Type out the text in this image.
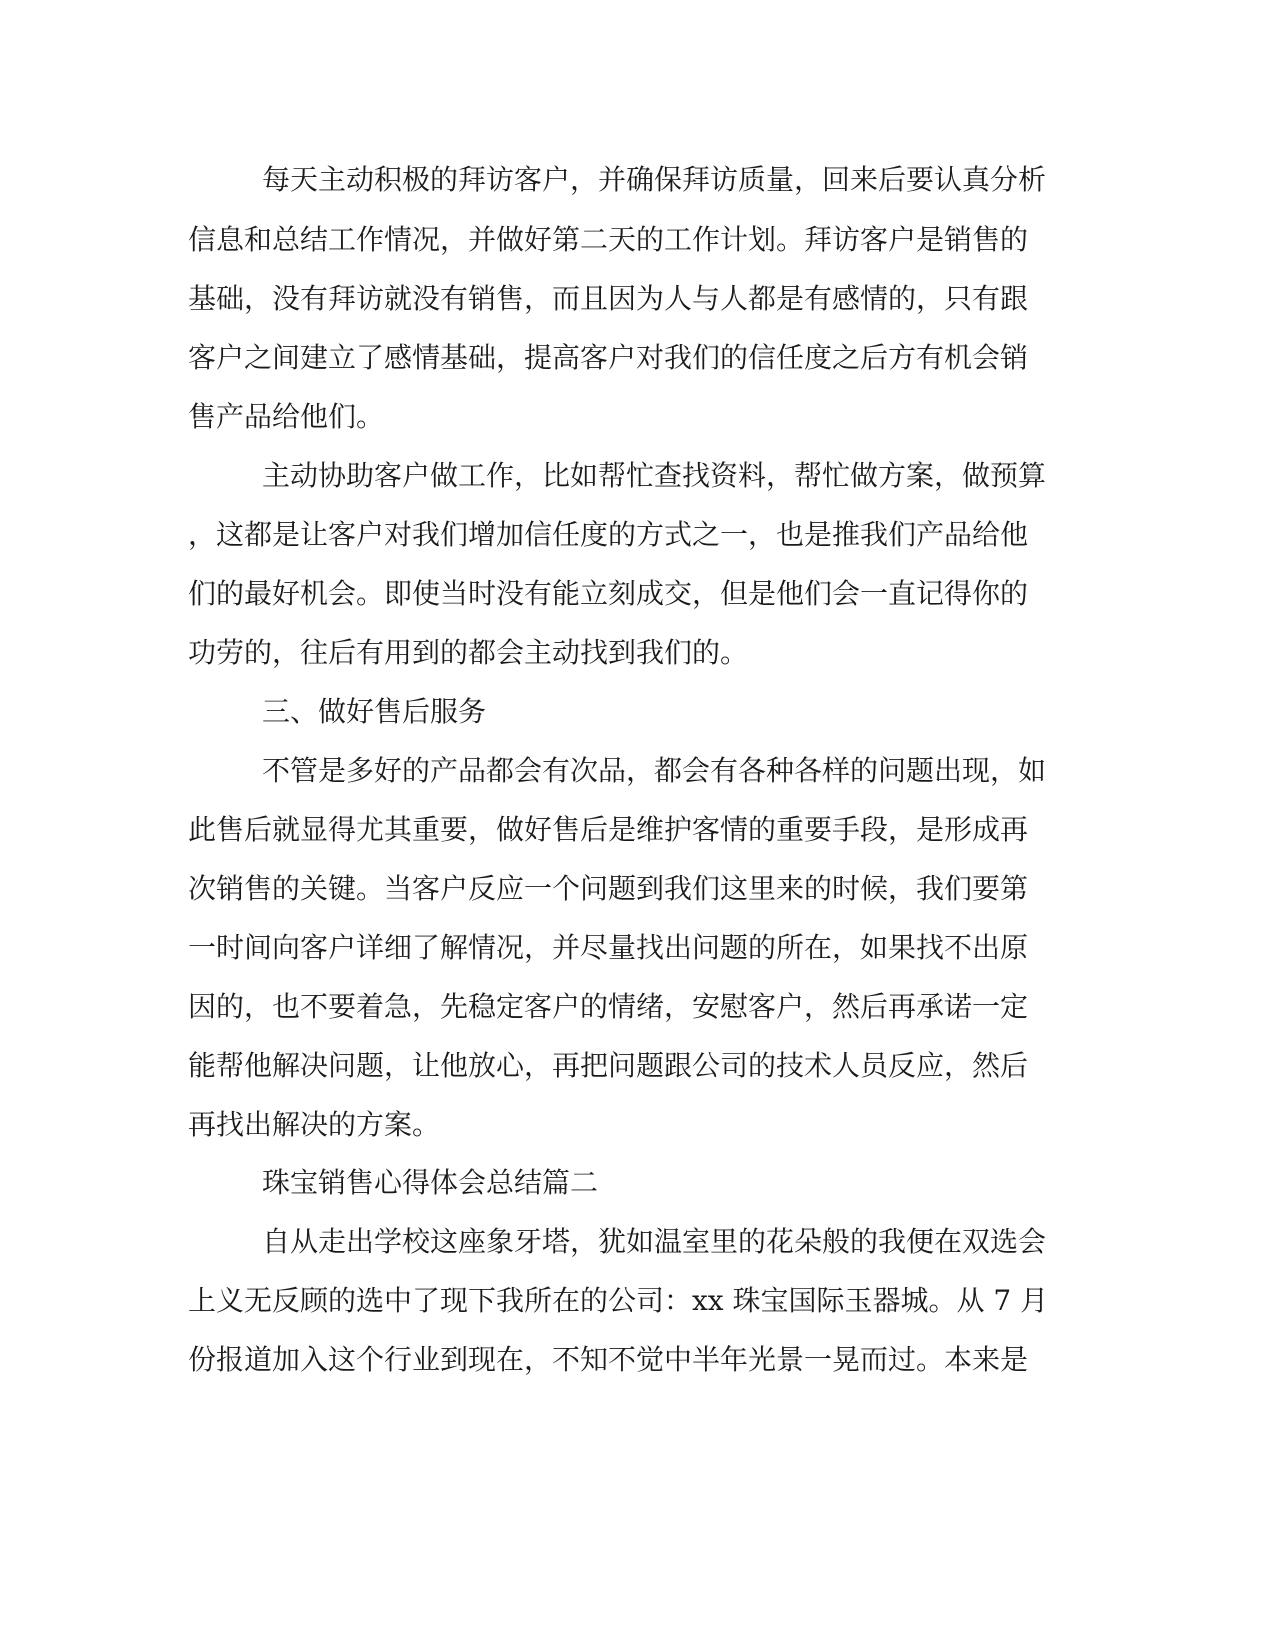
每天主动积极的拜访客户，并确保拜访质量，回来后要认真分析
信息和总结工作情况，并做好第二天的工作计划。拜访客户是销售的
基础，没有拜访就没有销售，而且因为人与人都是有感情的，只有跟
客户之间建立了感情基础，提高客户对我们的信任度之后方有机会销
售产品给他们。
主动协助客户做工作，比如帮忙查找资料，帮忙做方案，做预算
，这都是让客户对我们增加信任度的方式之一，也是推我们产品给他
们的最好机会。即使当时没有能立刻成交，但是他们会一直记得你的
功劳的，往后有用到的都会主动找到我们的。
三、做好售后服务
不管是多好的产品都会有次品，都会有各种各样的问题出现，如
此售后就显得尤其重要，做好售后是维护客情的重要手段，是形成再
次销售的关键。当客户反应一个问题到我们这里来的时候，我们要第
一时间向客户详细了解情况，并尽量找出问题的所在，如果找不出原
因的，也不要着急，先稳定客户的情绪，安慰客户，然后再承诺一定
能帮他解决问题，让他放心，再把问题跟公司的技术人员反应，然后
再找出解决的方案。
珠宝销售心得体会总结篇二
自从走出学校这座象牙塔，犹如温室里的花朵般的我便在双选会
上义无反顾的选中了现下我所在的公司：xx 珠宝国际玉器城。从 7 月
份报道加入这个行业到现在，不知不觉中半年光景一晃而过。本来是
